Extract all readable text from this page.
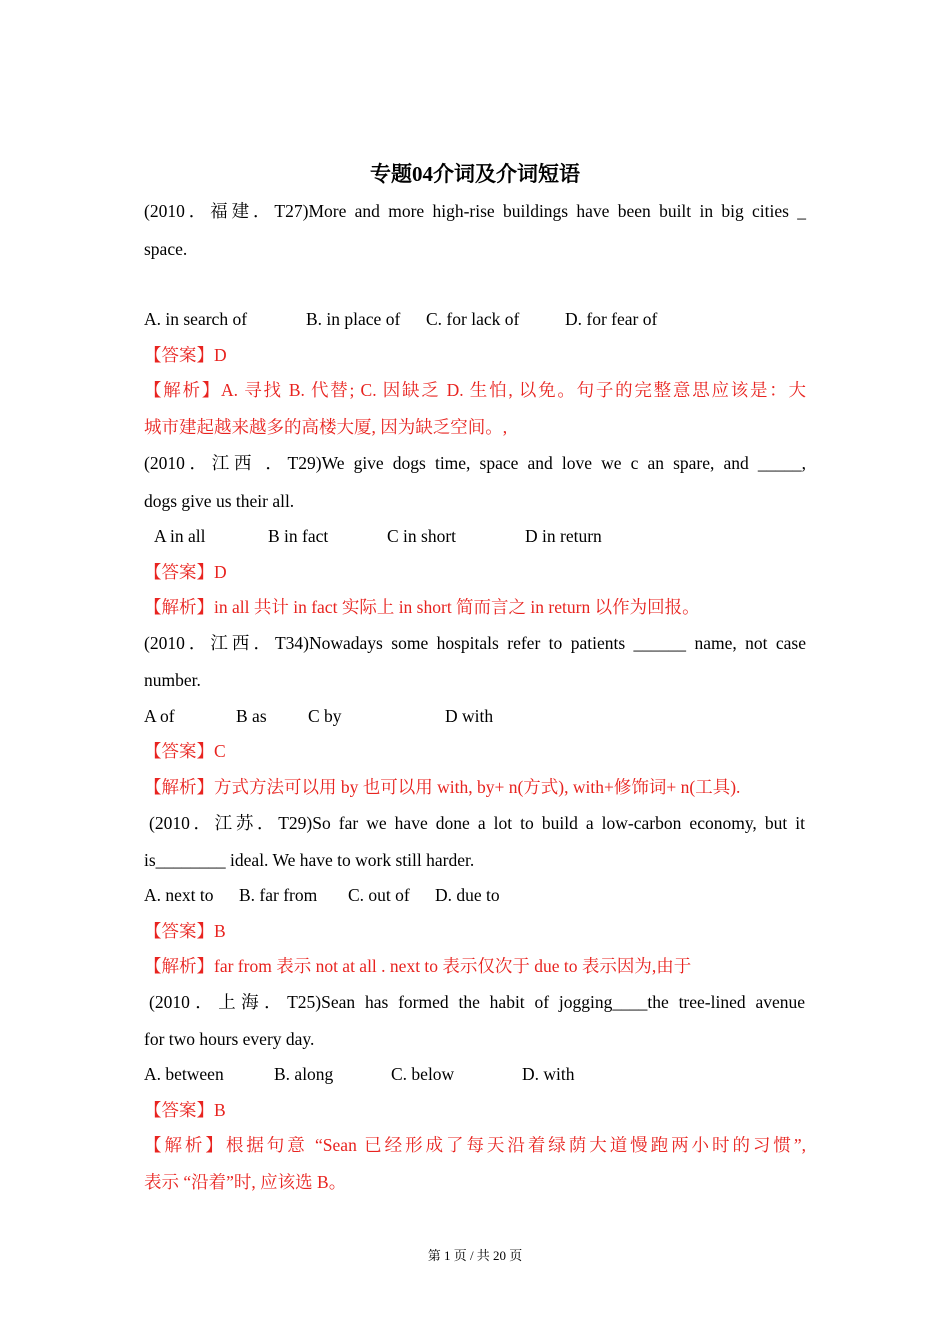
专题04介词及介词短语
(2010．福建．T27)More and more high-rise buildings have been built in big cities _
space.
A. in search of	B. in place of C. for lack of	D. for fear of
【答案】D
【解析】A. 寻找 B. 代替; C. 因缺乏 D. 生怕, 以免。句子的完整意思应该是：大
城市建起越来越多的高楼大厦, 因为缺乏空间。,
(2010．江西 ．T29)We give dogs time, space and love we c an spare, and _____,
dogs give us their all.
A in all	B in fact	C in short	D in return
【答案】D
【解析】in all 共计 in fact 实际上 in short 简而言之 in return 以作为回报。
(2010．江西．T34)Nowadays some hospitals refer to patients ______ name, not case
number.
A of	B as C by	D with
【答案】C
【解析】方式方法可以用 by 也可以用 with, by+ n(方式), with+修饰词+ n(工具).
(2010．江苏．T29)So far we have done a lot to build a low-carbon economy, but it
is________ ideal. We have to work still harder.
A. next to B. far from C. out of D. due to
【答案】B
【解析】far from 表示 not at all . next to 表示仅次于 due to 表示因为,由于
(2010．上海．T25)Sean has formed the habit of jogging____the tree-lined avenue
for two hours every day.
A. between	B. along	C. below	D. with
【答案】B
【解析】根据句意 “Sean 已经形成了每天沿着绿荫大道慢跑两小时的习惯”,
表示 “沿着”时, 应该选 B。
第 1 页 / 共 20 页
